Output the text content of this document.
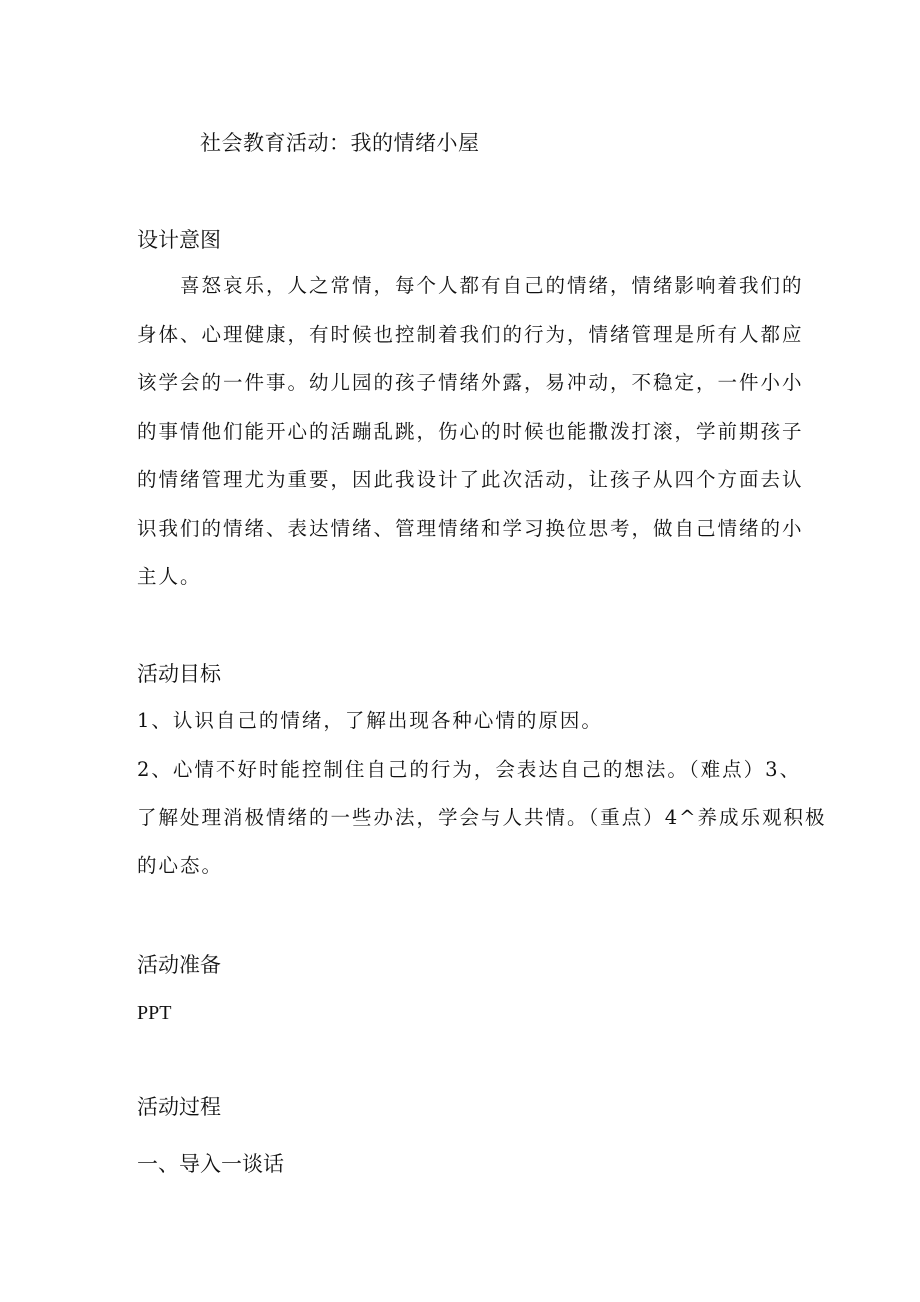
社会教育活动：我的情绪小屋
设计意图
喜怒哀乐，人之常情，每个人都有自己的情绪，情绪影响着我们的
身体、心理健康，有时候也控制着我们的行为，情绪管理是所有人都应
该学会的一件事。幼儿园的孩子情绪外露，易冲动，不稳定，一件小小
的事情他们能开心的活蹦乱跳，伤心的时候也能撒泼打滚，学前期孩子
的情绪管理尤为重要，因此我设计了此次活动，让孩子从四个方面去认
识我们的情绪、表达情绪、管理情绪和学习换位思考，做自己情绪的小
主人。
活动目标
1、认识自己的情绪，了解出现各种心情的原因。
2、心情不好时能控制住自己的行为，会表达自己的想法。（难点）3、
了解处理消极情绪的一些办法，学会与人共情。（重点）4^养成乐观积极
的心态。
活动准备
PPT
活动过程
一、导入一谈话
